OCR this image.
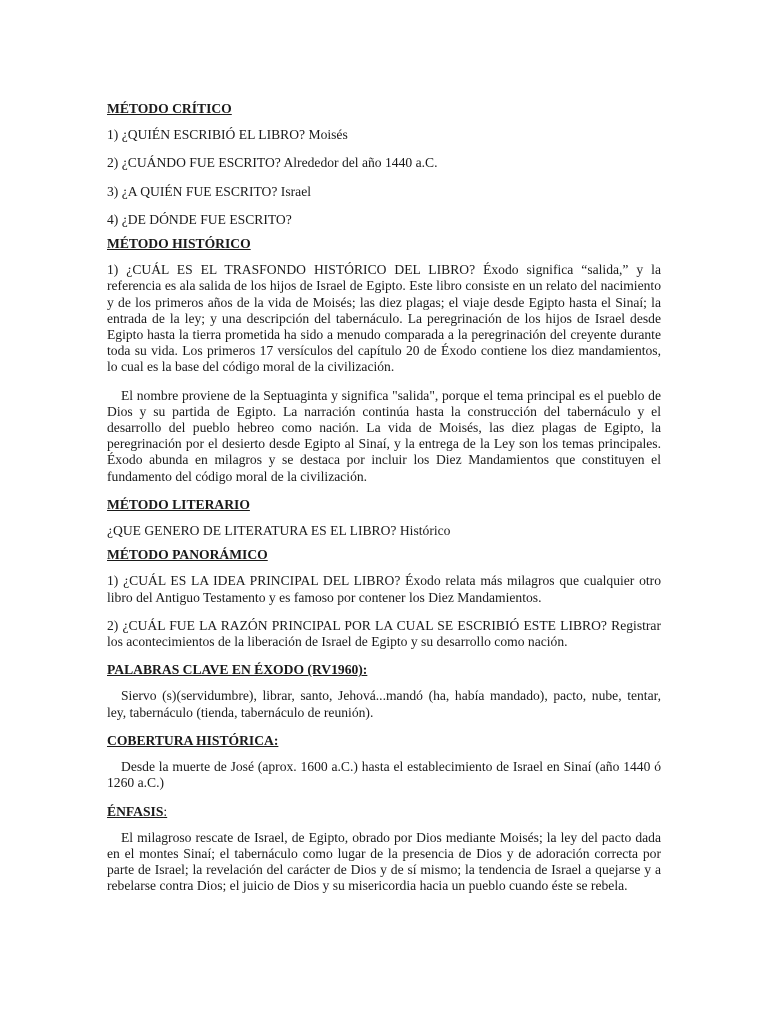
MÉTODO CRÍTICO
1) ¿QUIÉN ESCRIBIÓ EL LIBRO? Moisés
2) ¿CUÁNDO FUE ESCRITO? Alrededor del año 1440 a.C.
3) ¿A QUIÉN FUE ESCRITO? Israel
4) ¿DE DÓNDE FUE ESCRITO?
MÉTODO HISTÓRICO

1) ¿CUÁL ES EL TRASFONDO HISTÓRICO DEL LIBRO? Éxodo significa “salida,” y la referencia es ala salida de los hijos de Israel de Egipto. Este libro consiste en un relato del nacimiento y de los primeros años de la vida de Moisés; las diez plagas; el viaje desde Egipto hasta el Sinaí; la entrada de la ley; y una descripción del tabernáculo. La peregrinación de los hijos de Israel desde Egipto hasta la tierra prometida ha sido a menudo comparada a la peregrinación del creyente durante toda su vida. Los primeros 17 versículos del capítulo 20 de Éxodo contiene los diez mandamientos, lo cual es la base del código moral de la civilización.

El nombre proviene de la Septuaginta y significa "salida", porque el tema principal es el pueblo de Dios y su partida de Egipto. La narración continúa hasta la construcción del tabernáculo y el desarrollo del pueblo hebreo como nación. La vida de Moisés, las diez plagas de Egipto, la peregrinación por el desierto desde Egipto al Sinaí, y la entrega de la Ley son los temas principales. Éxodo abunda en milagros y se destaca por incluir los Diez Mandamientos que constituyen el fundamento del código moral de la civilización.

MÉTODO LITERARIO
¿QUE GENERO DE LITERATURA ES EL LIBRO? Histórico
MÉTODO PANORÁMICO

1) ¿CUÁL ES LA IDEA PRINCIPAL DEL LIBRO? Éxodo relata más milagros que cualquier otro libro del Antiguo Testamento y es famoso por contener los Diez Mandamientos.

2) ¿CUÁL FUE LA RAZÓN PRINCIPAL POR LA CUAL SE ESCRIBIÓ ESTE LIBRO? Registrar los acontecimientos de la liberación de Israel de Egipto y su desarrollo como nación.

PALABRAS CLAVE EN ÉXODO (RV1960):

Siervo (s)(servidumbre), librar, santo, Jehová...mandó (ha, había mandado), pacto, nube, tentar, ley, tabernáculo (tienda, tabernáculo de reunión).

COBERTURA HISTÓRICA:

Desde la muerte de José (aprox. 1600 a.C.) hasta el establecimiento de Israel en Sinaí (año 1440 ó 1260 a.C.)

ÉNFASIS:

El milagroso rescate de Israel, de Egipto, obrado por Dios mediante Moisés; la ley del pacto dada en el montes Sinaí; el tabernáculo como lugar de la presencia de Dios y de adoración correcta por parte de Israel; la revelación del carácter de Dios y de sí mismo; la tendencia de Israel a quejarse y a rebelarse contra Dios; el juicio de Dios y su misericordia hacia un pueblo cuando éste se rebela.
